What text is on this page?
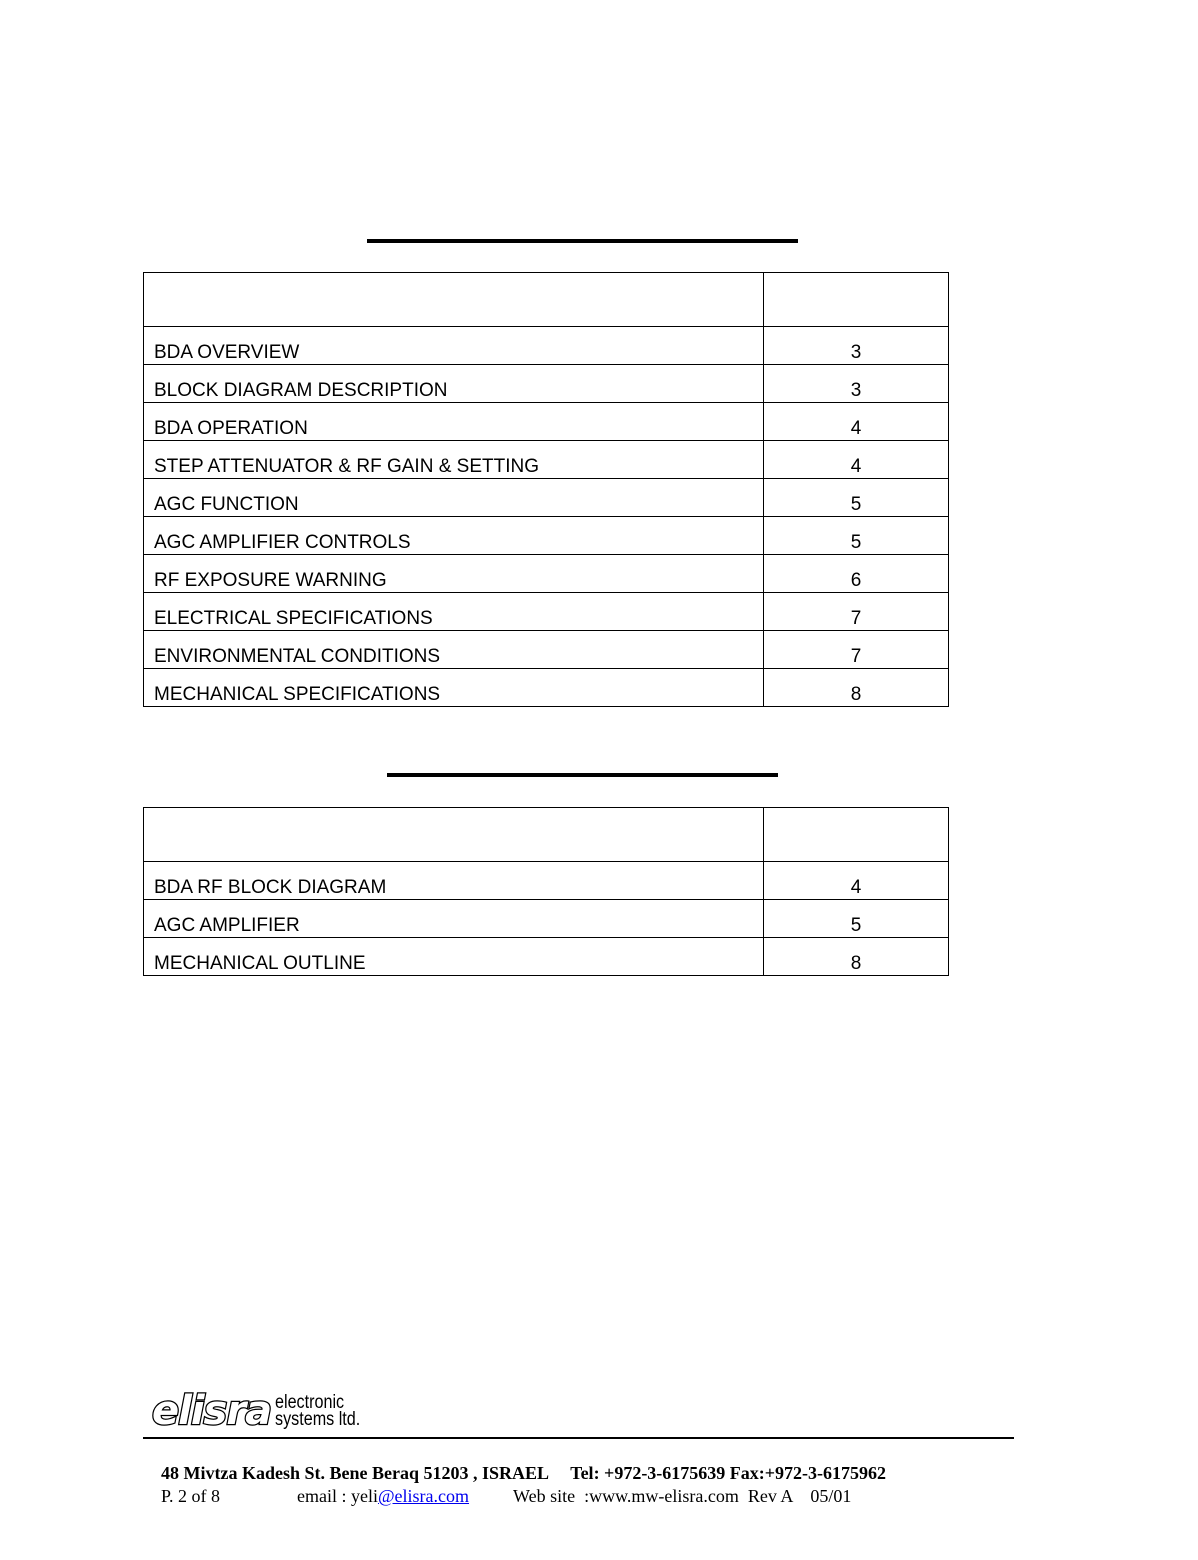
BDA OVERVIEW	3
BLOCK DIAGRAM DESCRIPTION	3
BDA OPERATION	4
STEP ATTENUATOR & RF GAIN & SETTING	4
AGC FUNCTION	5
AGC AMPLIFIER CONTROLS	5
RF EXPOSURE WARNING	6
ELECTRICAL SPECIFICATIONS	7
ENVIRONMENTAL CONDITIONS	7
MECHANICAL SPECIFICATIONS	8

BDA RF BLOCK DIAGRAM	4
AGC AMPLIFIER	5
MECHANICAL OUTLINE	8
elisra electronic
systems ltd.

48 Mivtza Kadesh St. Bene Beraq 51203 , ISRAEL Tel: +972-3-6175639 Fax:+972-3-6175962

P. 2 of 8	email : yeli@elisra.com Web site  :www.mw-elisra.com  Rev A    05/01
